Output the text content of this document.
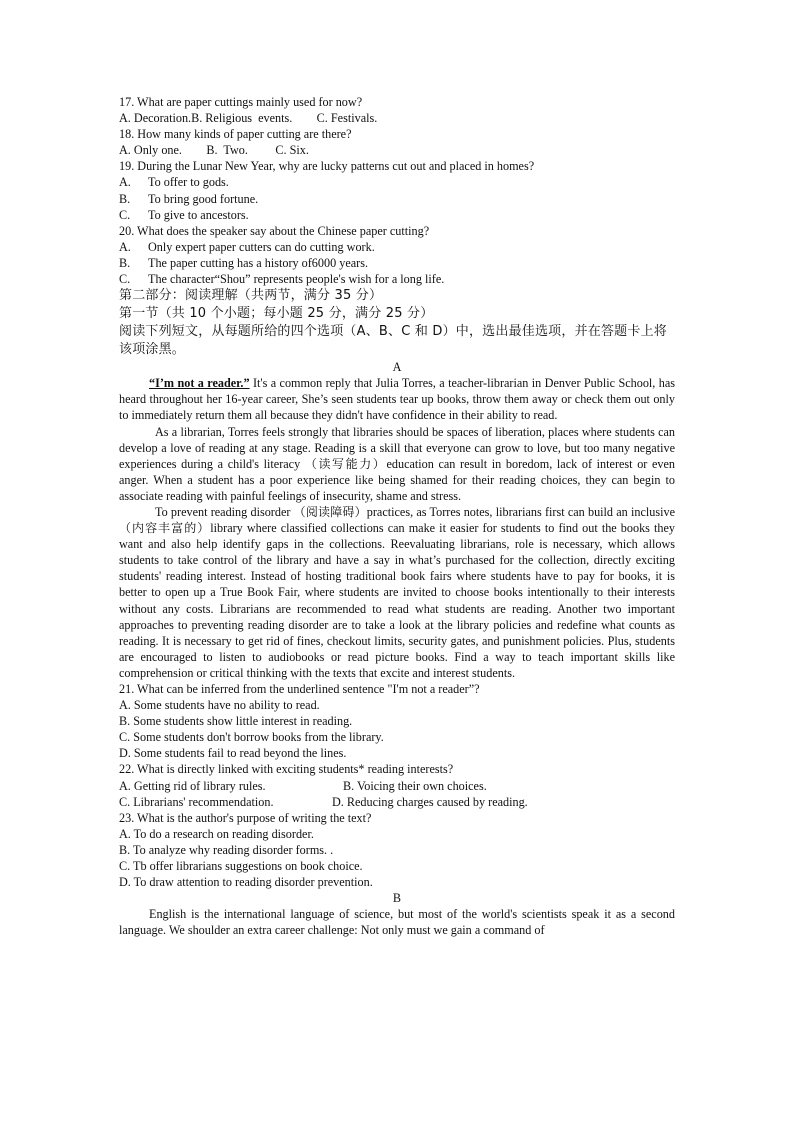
17. What are paper cuttings mainly used for now?
A. Decoration.B. Religious  events.        C. Festivals.
18. How many kinds of paper cutting are there?
A. Only one.        B.  Two.         C. Six.
19. During the Lunar New Year, why are lucky patterns cut out and placed in homes?
A.	To offer to gods.
B.	To bring good fortune.
C.	To give to ancestors.
20. What does the speaker say about the Chinese paper cutting?
A.	Only expert paper cutters can do cutting work.
B.	The paper cutting has a history of6000 years.
C.	The character“Shou” represents people's wish for a long life.
第二部分：阅读理解（共两节，满分 35 分）
第一节（共 10 个小题；每小题 25 分，满分 25 分）
阅读下列短文，从每题所给的四个选项（A、B、C 和 D）中，选出最佳选项，并在答题卡上将该项涂黑。
A
“I’m not a reader.” It's a common reply that Julia Torres, a teacher-librarian in Denver Public School, has heard throughout her 16-year career, She’s seen students tear up books, throw them away or check them out only to immediately return them all because they didn't have confidence in their ability to read.
As a librarian, Torres feels strongly that libraries should be spaces of liberation, places where students can develop a love of reading at any stage. Reading is a skill that everyone can grow to love, but too many negative experiences during a child's literacy （读写能力）education can result in boredom, lack of interest or even anger. When a student has a poor experience like being shamed for their reading choices, they can begin to associate reading with painful feelings of insecurity, shame and stress.
To prevent reading disorder （阅读障碍）practices, as Torres notes, librarians first can build an inclusive （内容丰富的）library where classified collections can make it easier for students to find out the books they want and also help identify gaps in the collections. Reevaluating librarians, role is necessary, which allows students to take control of the library and have a say in what’s purchased for the collection, directly exciting students' reading interest. Instead of hosting traditional book fairs where students have to pay for books, it is better to open up a True Book Fair, where students are invited to choose books intentionally to their interests without any costs. Librarians are recommended to read what students are reading. Another two important approaches to preventing reading disorder are to take a look at the library policies and redefine what counts as reading. It is necessary to get rid of fines, checkout limits, security gates, and punishment policies. Plus, students are encouraged to listen to audiobooks or read picture books. Find a way to teach important skills like comprehension or critical thinking with the texts that excite and interest students.
21. What can be inferred from the underlined sentence "I'm not a reader”?
A. Some students have no ability to read.
B. Some students show little interest in reading.
C. Some students don't borrow books from the library.
D. Some students fail to read beyond the lines.
22. What is directly linked with exciting students* reading interests?
A. Getting rid of library rules.	B. Voicing their own choices.
C. Librarians' recommendation.	D. Reducing charges caused by reading.
23. What is the author's purpose of writing the text?
A. To do a research on reading disorder.
B. To analyze why reading disorder forms. .
C. Tb offer librarians suggestions on book choice.
D. To draw attention to reading disorder prevention.
B
English is the international language of science, but most of the world's scientists speak it as a second language. We shoulder an extra career challenge: Not only must we gain a command of
